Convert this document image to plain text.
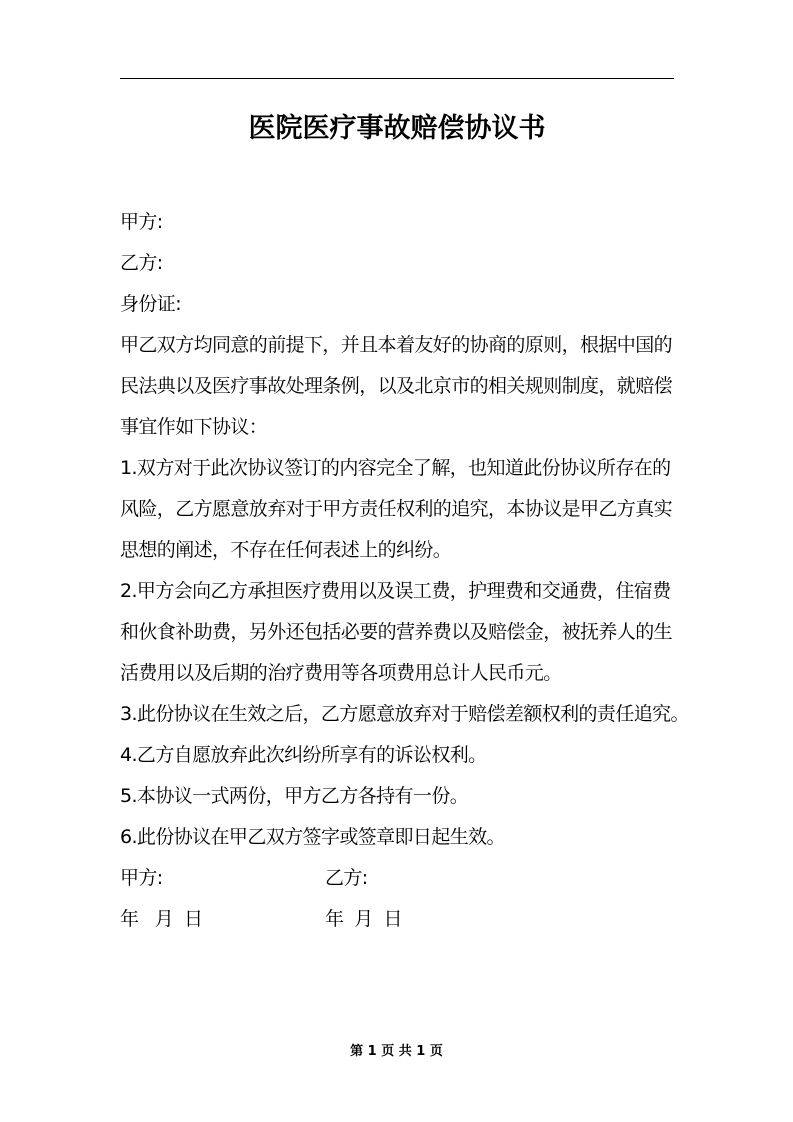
医院医疗事故赔偿协议书

甲方:

乙方:

身份证:

甲乙双方均同意的前提下，并且本着友好的协商的原则，根据中国的

民法典以及医疗事故处理条例，以及北京市的相关规则制度，就赔偿

事宜作如下协议：

1.双方对于此次协议签订的内容完全了解，也知道此份协议所存在的

风险，乙方愿意放弃对于甲方责任权利的追究，本协议是甲乙方真实

思想的阐述，不存在任何表述上的纠纷。

2.甲方会向乙方承担医疗费用以及误工费，护理费和交通费，住宿费

和伙食补助费，另外还包括必要的营养费以及赔偿金，被抚养人的生

活费用以及后期的治疗费用等各项费用总计人民币元。

3.此份协议在生效之后，乙方愿意放弃对于赔偿差额权利的责任追究。

4.乙方自愿放弃此次纠纷所享有的诉讼权利。

5.本协议一式两份，甲方乙方各持有一份。

6.此份协议在甲乙双方签字或签章即日起生效。

甲方:	乙方:
年   月  日	年  月  日
第 1 页 共 1 页
